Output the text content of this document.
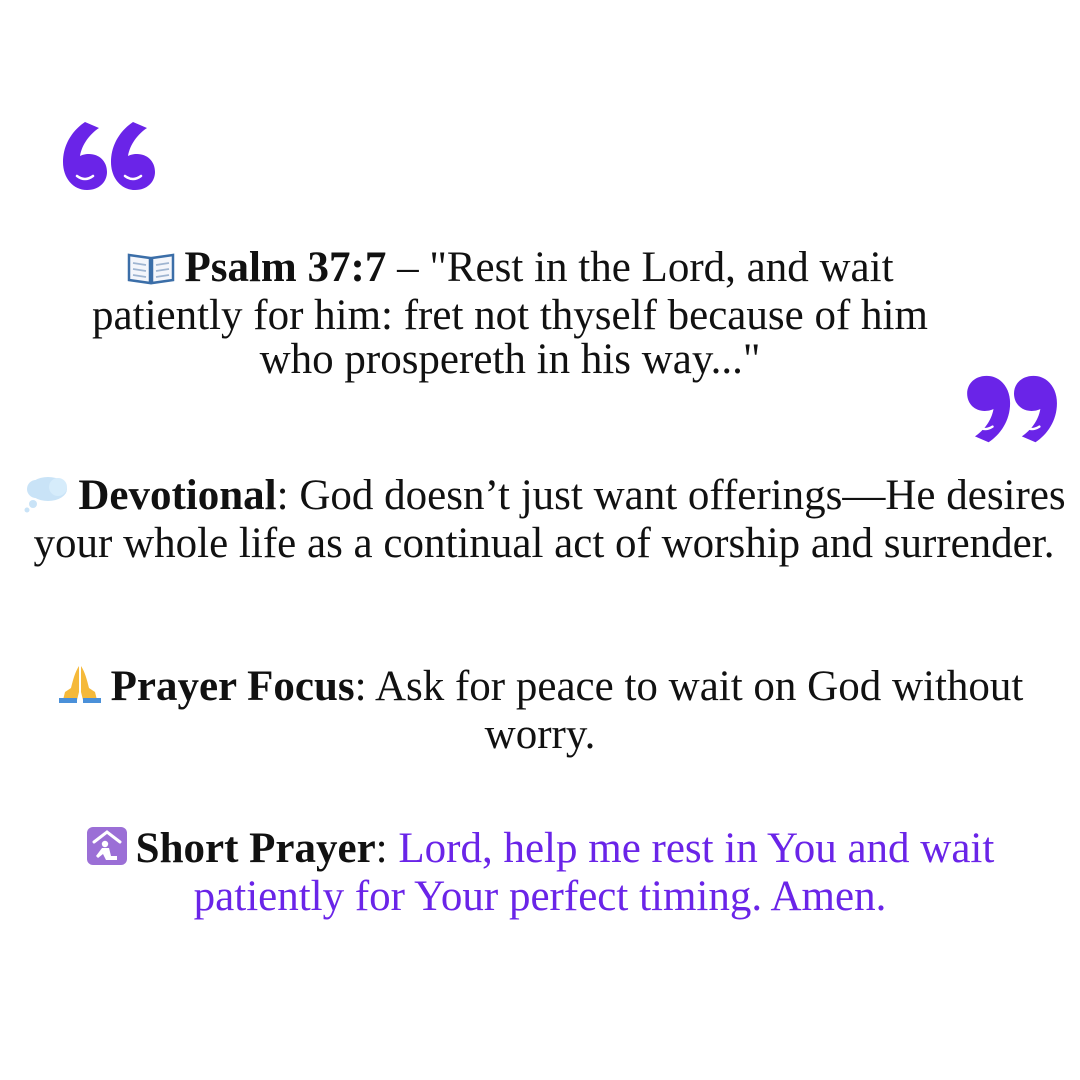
Psalm 37:7 – "Rest in the Lord, and wait patiently for him: fret not thyself because of him who prospereth in his way..."
Devotional: God doesn’t just want offerings—He desires your whole life as a continual act of worship and surrender.
Prayer Focus: Ask for peace to wait on God without worry.
Short Prayer: Lord, help me rest in You and wait patiently for Your perfect timing. Amen.
